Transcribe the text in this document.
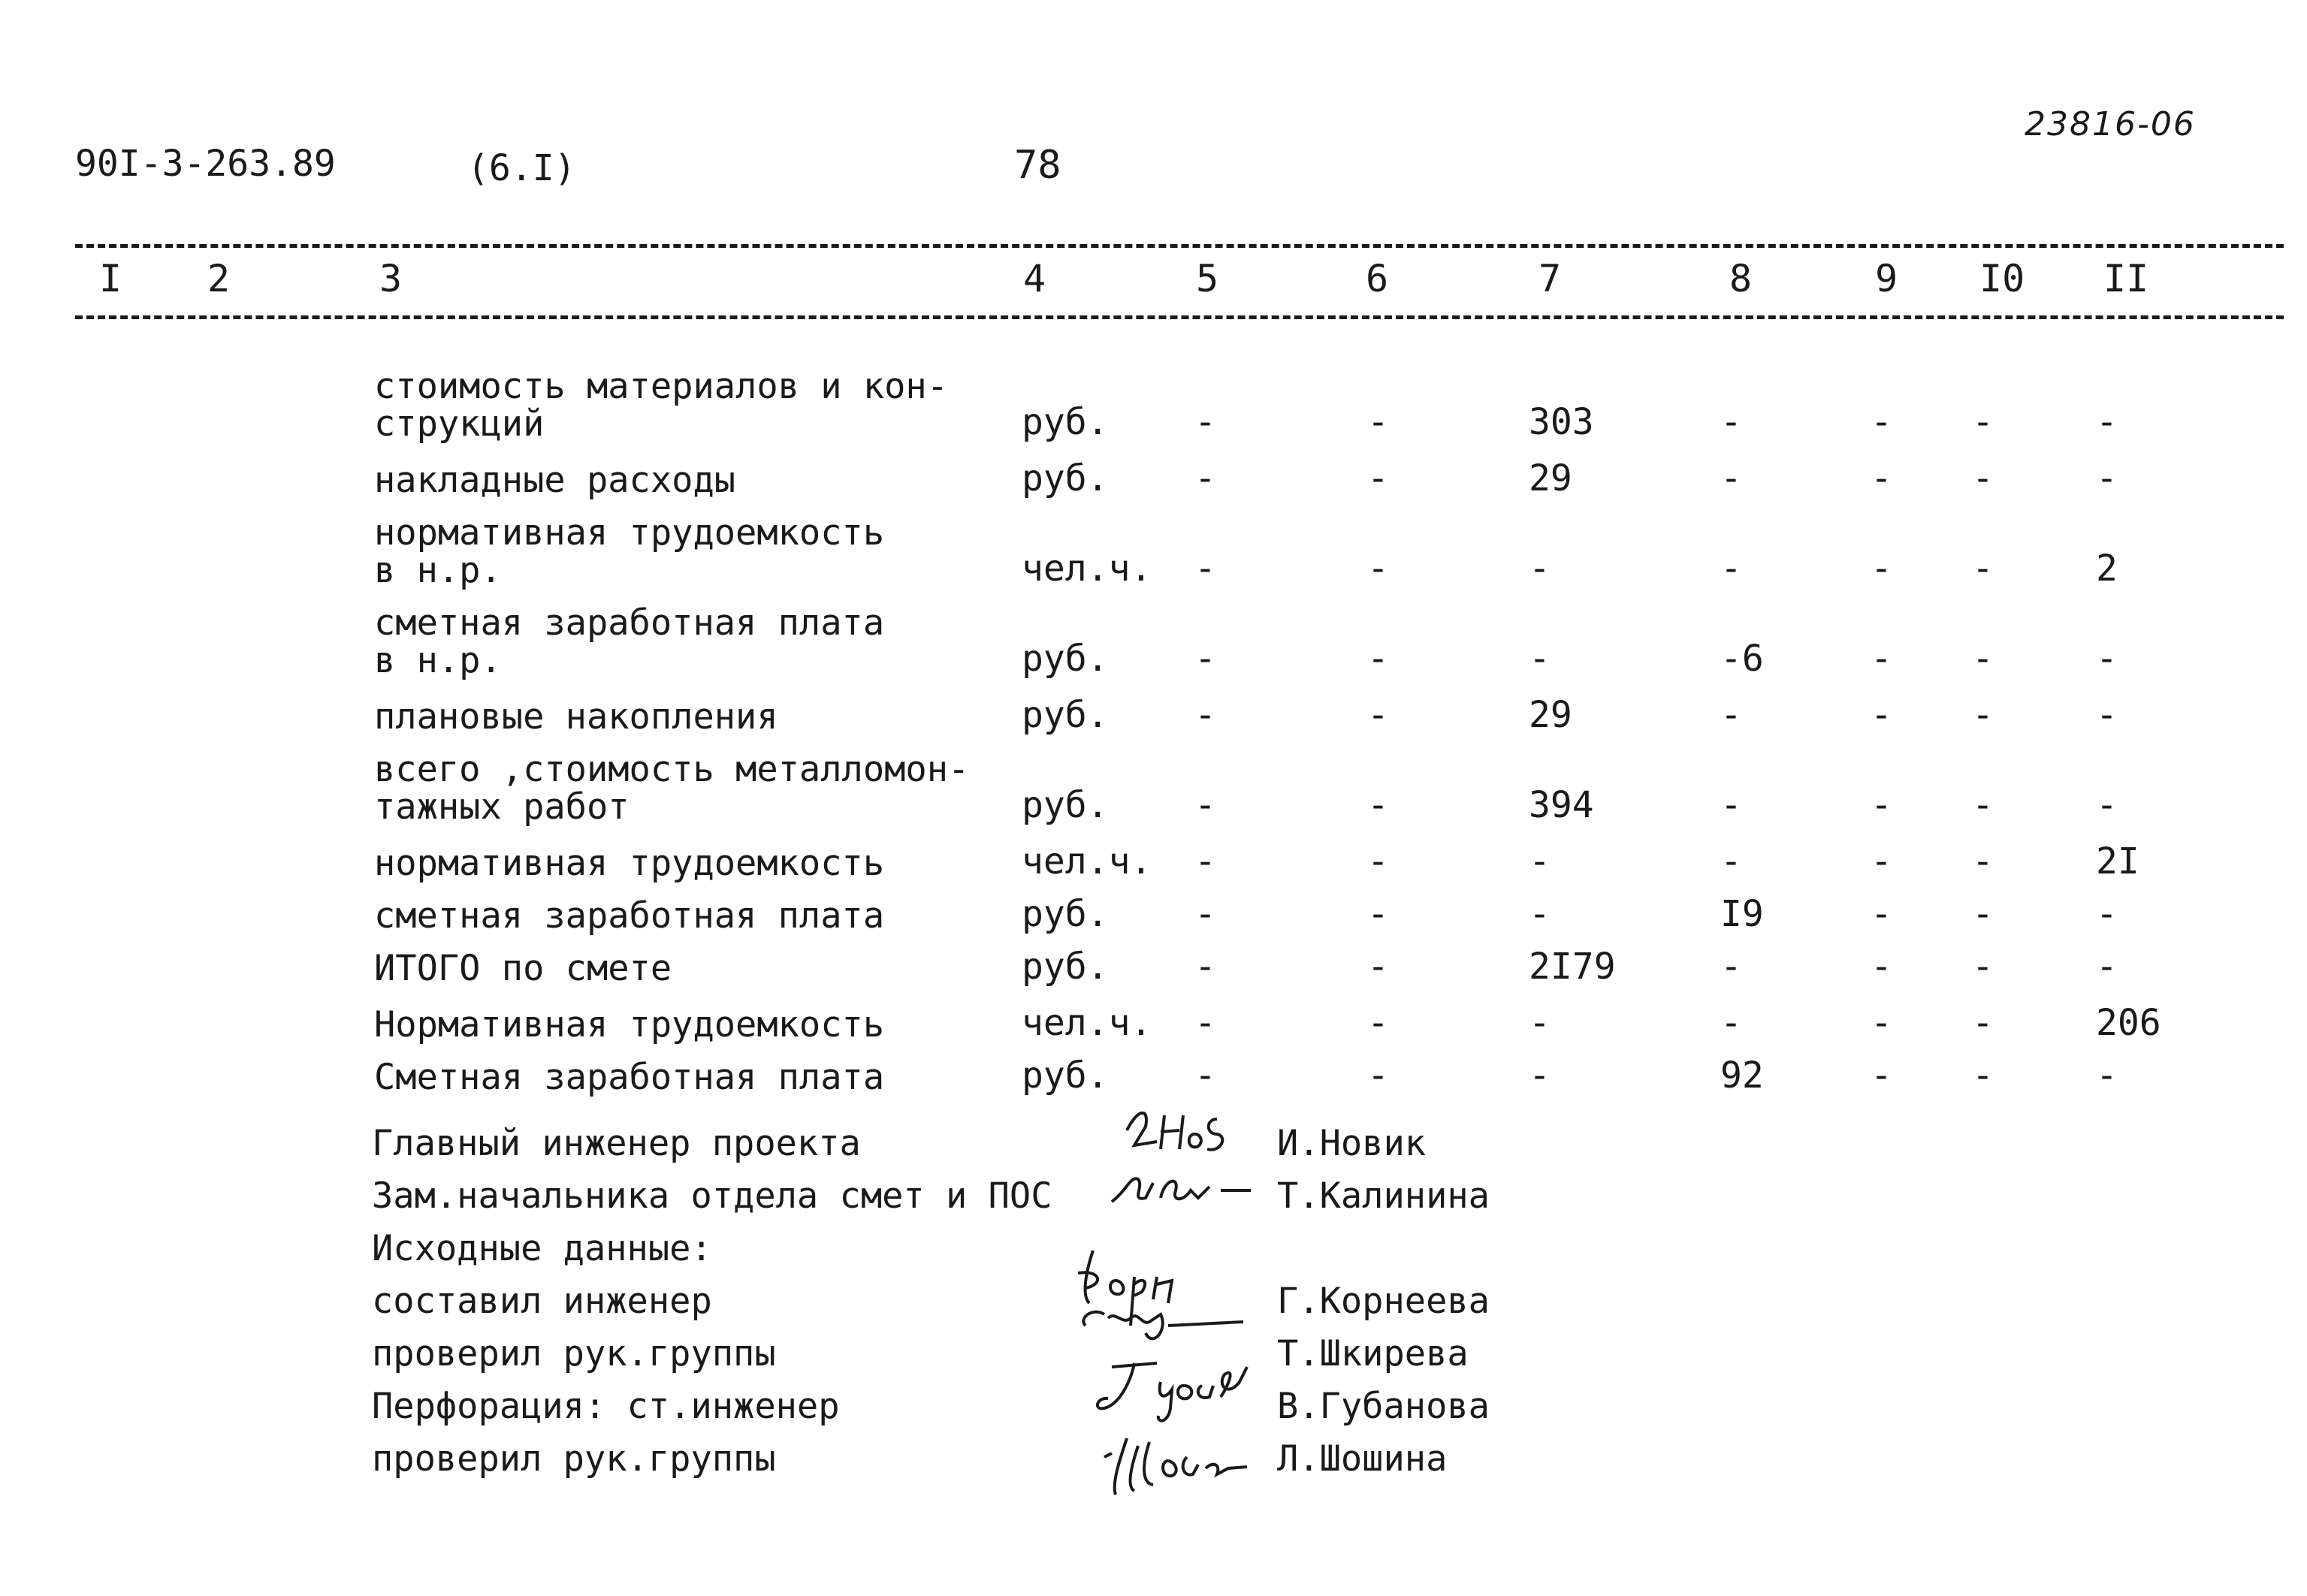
90I-3-263.89	(6.I)	78
23816-06
I 2	3	4	5	6	7	8	9 I0 II
стоимость материалов и кон-
струкций	руб. -	-	303	-	- -	-
накладные расходы	руб. -	-	29	-	- -	-
нормативная трудоемкость
в н.р.	чел.ч. -	-	-	-	- -	2
сметная заработная плата
в н.р.	руб. -	-	-	-6	- -	-
плановые накопления	руб. -	-	29	-	- -	-
всего ,стоимость металломон-
тажных работ	руб. -	-	394	-	- -	-
нормативная трудоемкость	чел.ч. -	-	-	-	- -	2I
сметная заработная плата	руб. -	-	-	I9	- -	-
ИТОГО по смете	руб. -	-	2I79	-	- -	-
Нормативная трудоемкость	чел.ч. -	-	-	-	- -	206
Сметная заработная плата	руб. -	-	-	92	- -	-
Главный инженер проекта	И.Новик
Зам.начальника отдела смет и ПОС	Т.Калинина
Исходные данные:
составил инженер	Г.Корнеева
проверил рук.группы	Т.Шкирева
Перфорация: ст.инженер	В.Губанова
проверил рук.группы	Л.Шошина
